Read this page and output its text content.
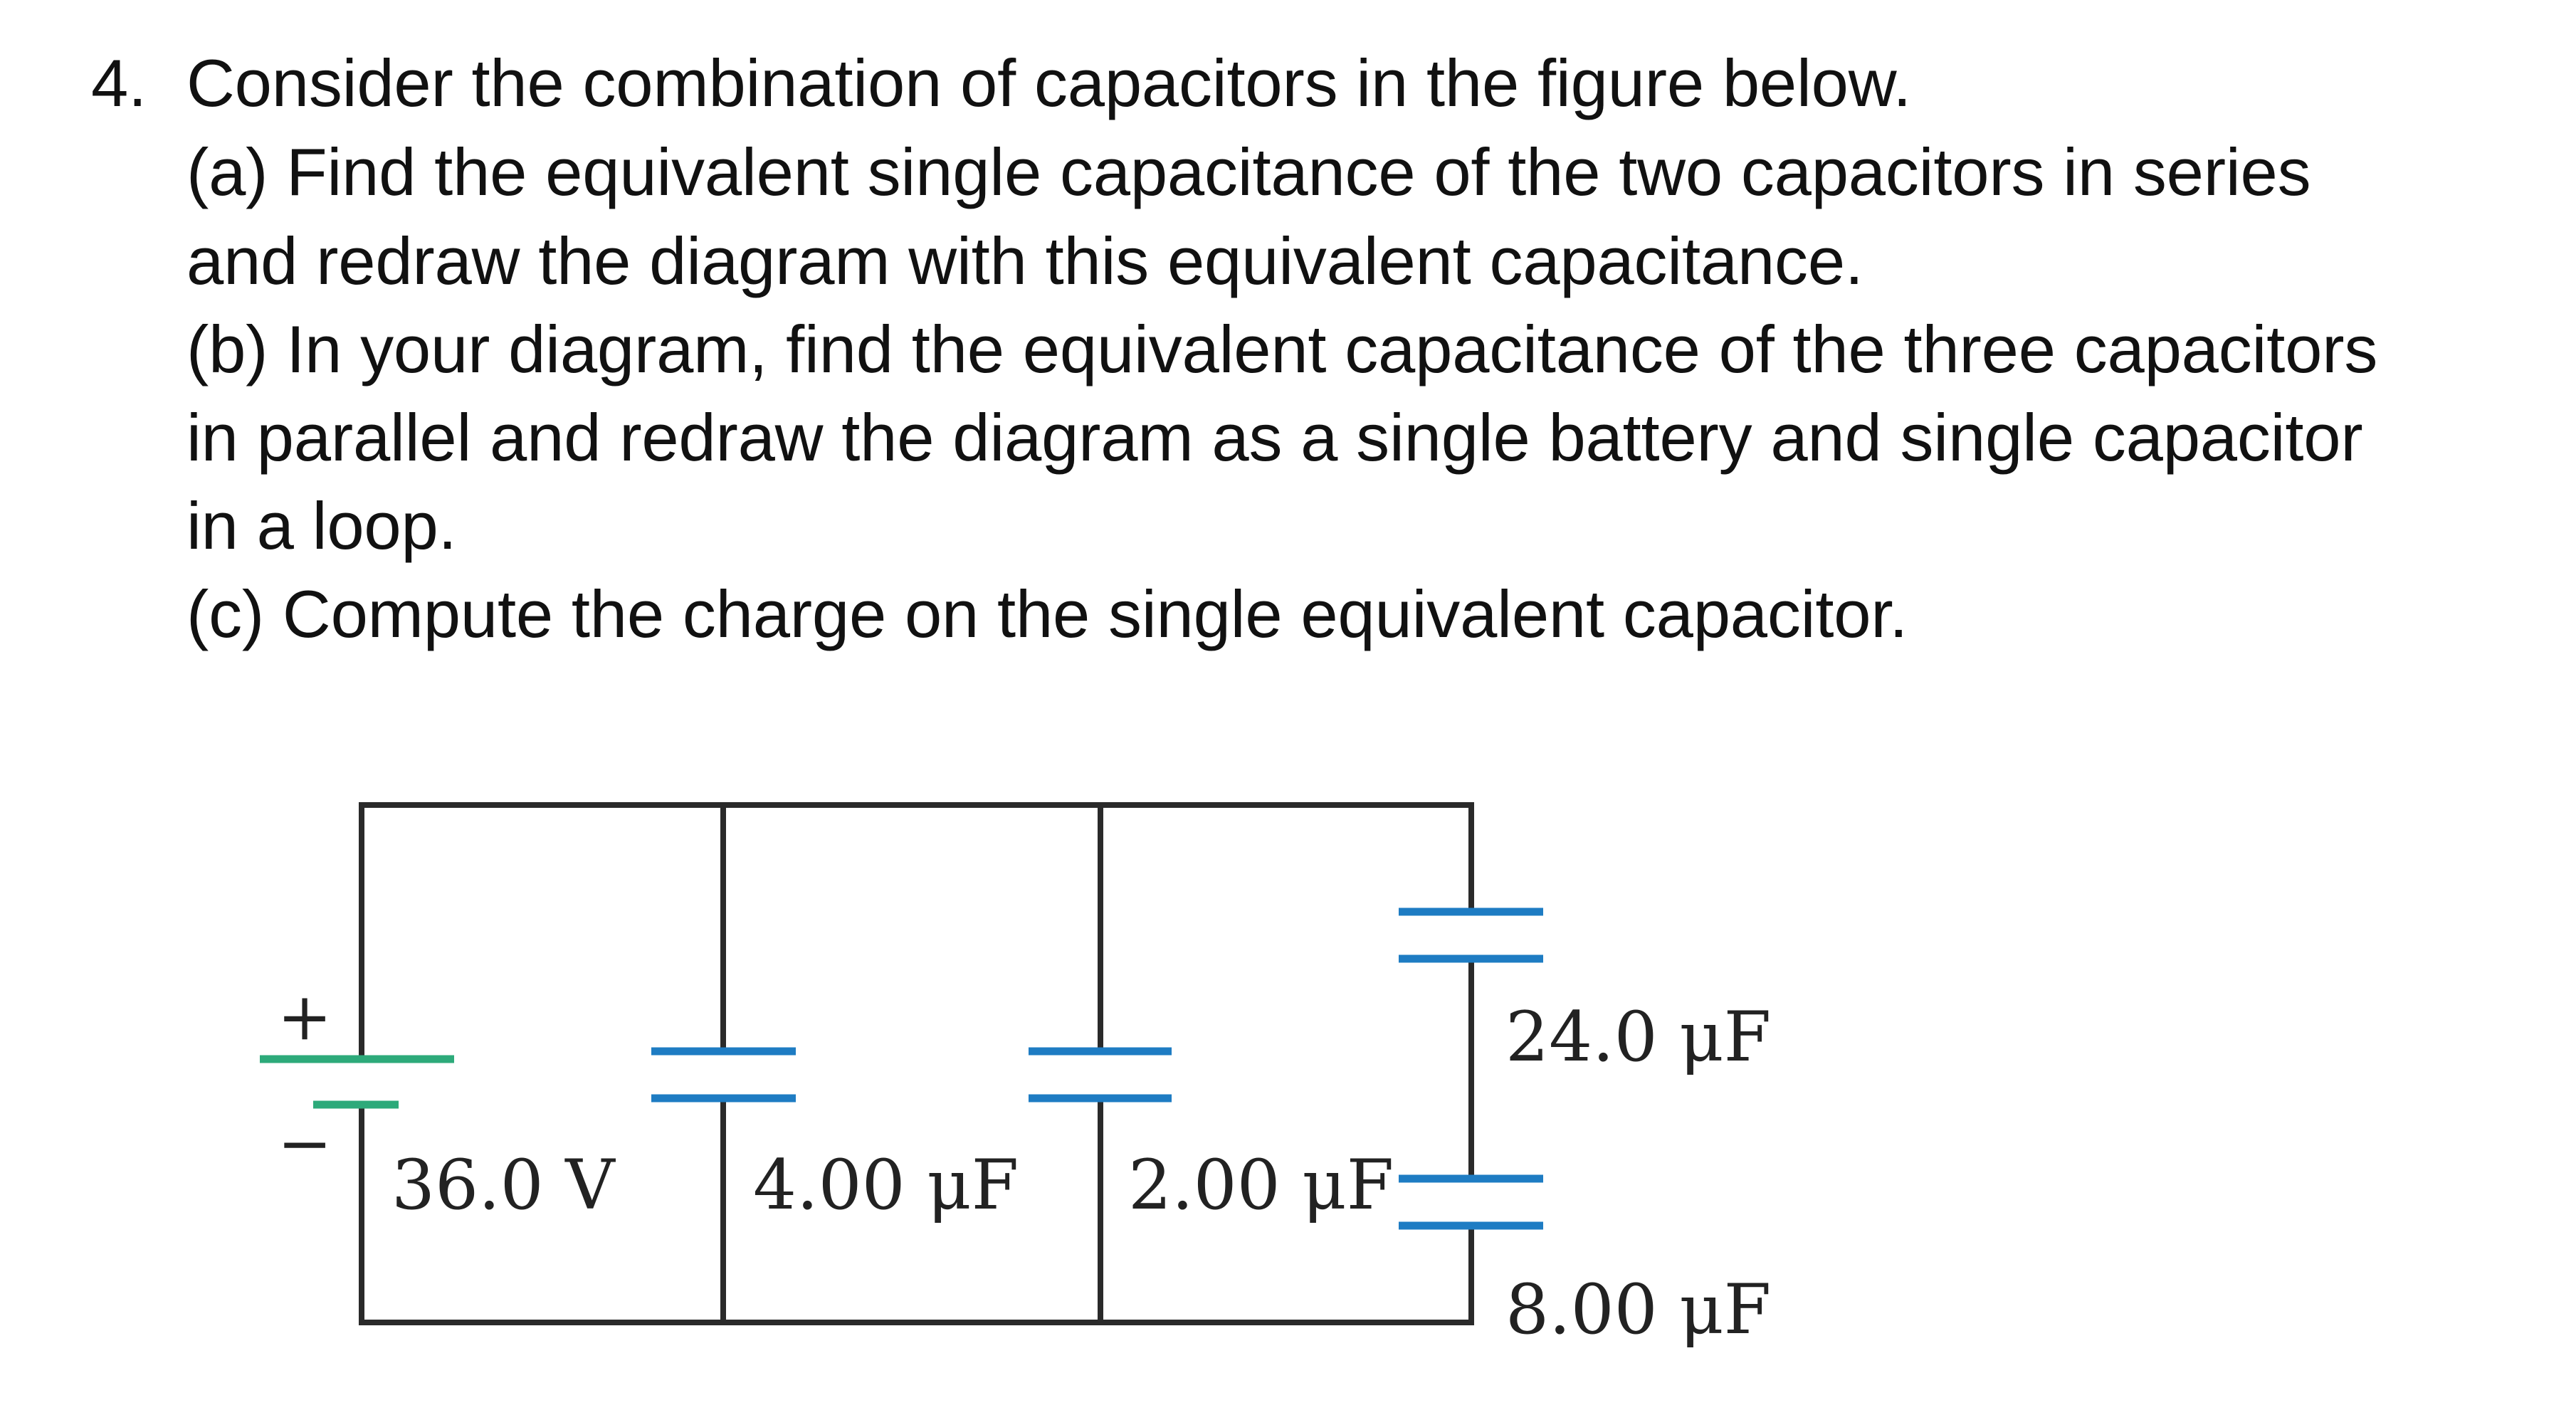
4. Consider the combination of capacitors in the figure below.
(a) Find the equivalent single capacitance of the two capacitors in series
and redraw the diagram with this equivalent capacitance.
(b) In your diagram, find the equivalent capacitance of the three capacitors
in parallel and redraw the diagram as a single battery and single capacitor
in a loop.
(c) Compute the charge on the single equivalent capacitor.
+
−
36.0 V 4.00 μF 2.00 μF
24.0 μF
8.00 μF
